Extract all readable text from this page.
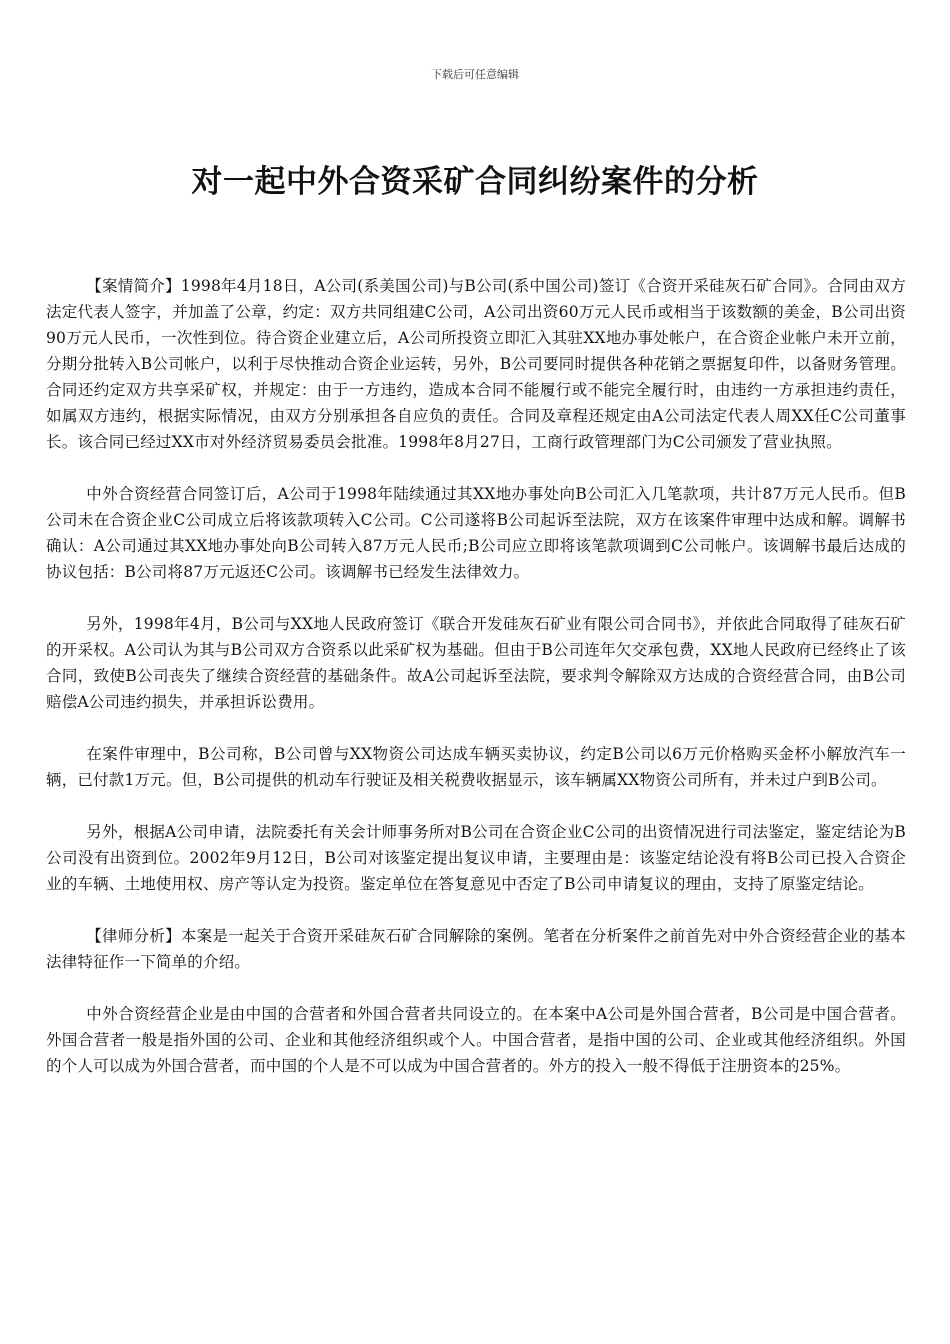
下载后可任意编辑
对一起中外合资采矿合同纠纷案件的分析

【案情简介】1998年4月18日，A公司(系美国公司)与B公司(系中国公司)签订《合资开采硅灰石矿合同》。合同由双方法定代表人签字，并加盖了公章，约定：双方共同组建C公司，A公司出资60万元人民币或相当于该数额的美金，B公司出资90万元人民币，一次性到位。待合资企业建立后，A公司所投资立即汇入其驻XX地办事处帐户，在合资企业帐户未开立前，分期分批转入B公司帐户，以利于尽快推动合资企业运转，另外，B公司要同时提供各种花销之票据复印件，以备财务管理。合同还约定双方共享采矿权，并规定：由于一方违约，造成本合同不能履行或不能完全履行时，由违约一方承担违约责任，如属双方违约，根据实际情况，由双方分别承担各自应负的责任。合同及章程还规定由A公司法定代表人周XX任C公司董事长。该合同已经过XX市对外经济贸易委员会批准。1998年8月27日，工商行政管理部门为C公司颁发了营业执照。

中外合资经营合同签订后，A公司于1998年陆续通过其XX地办事处向B公司汇入几笔款项，共计87万元人民币。但B公司未在合资企业C公司成立后将该款项转入C公司。C公司遂将B公司起诉至法院，双方在该案件审理中达成和解。调解书确认：A公司通过其XX地办事处向B公司转入87万元人民币;B公司应立即将该笔款项调到C公司帐户。该调解书最后达成的协议包括：B公司将87万元返还C公司。该调解书已经发生法律效力。

另外，1998年4月，B公司与XX地人民政府签订《联合开发硅灰石矿业有限公司合同书》，并依此合同取得了硅灰石矿的开采权。A公司认为其与B公司双方合资系以此采矿权为基础。但由于B公司连年欠交承包费，XX地人民政府已经终止了该合同，致使B公司丧失了继续合资经营的基础条件。故A公司起诉至法院，要求判令解除双方达成的合资经营合同，由B公司赔偿A公司违约损失，并承担诉讼费用。

在案件审理中，B公司称，B公司曾与XX物资公司达成车辆买卖协议，约定B公司以6万元价格购买金杯小解放汽车一辆，已付款1万元。但，B公司提供的机动车行驶证及相关税费收据显示，该车辆属XX物资公司所有，并未过户到B公司。

另外，根据A公司申请，法院委托有关会计师事务所对B公司在合资企业C公司的出资情况进行司法鉴定，鉴定结论为B公司没有出资到位。2002年9月12日，B公司对该鉴定提出复议申请，主要理由是：该鉴定结论没有将B公司已投入合资企业的车辆、土地使用权、房产等认定为投资。鉴定单位在答复意见中否定了B公司申请复议的理由，支持了原鉴定结论。

【律师分析】本案是一起关于合资开采硅灰石矿合同解除的案例。笔者在分析案件之前首先对中外合资经营企业的基本法律特征作一下简单的介绍。

中外合资经营企业是由中国的合营者和外国合营者共同设立的。在本案中A公司是外国合营者，B公司是中国合营者。外国合营者一般是指外国的公司、企业和其他经济组织或个人。中国合营者，是指中国的公司、企业或其他经济组织。外国的个人可以成为外国合营者，而中国的个人是不可以成为中国合营者的。外方的投入一般不得低于注册资本的25%。
